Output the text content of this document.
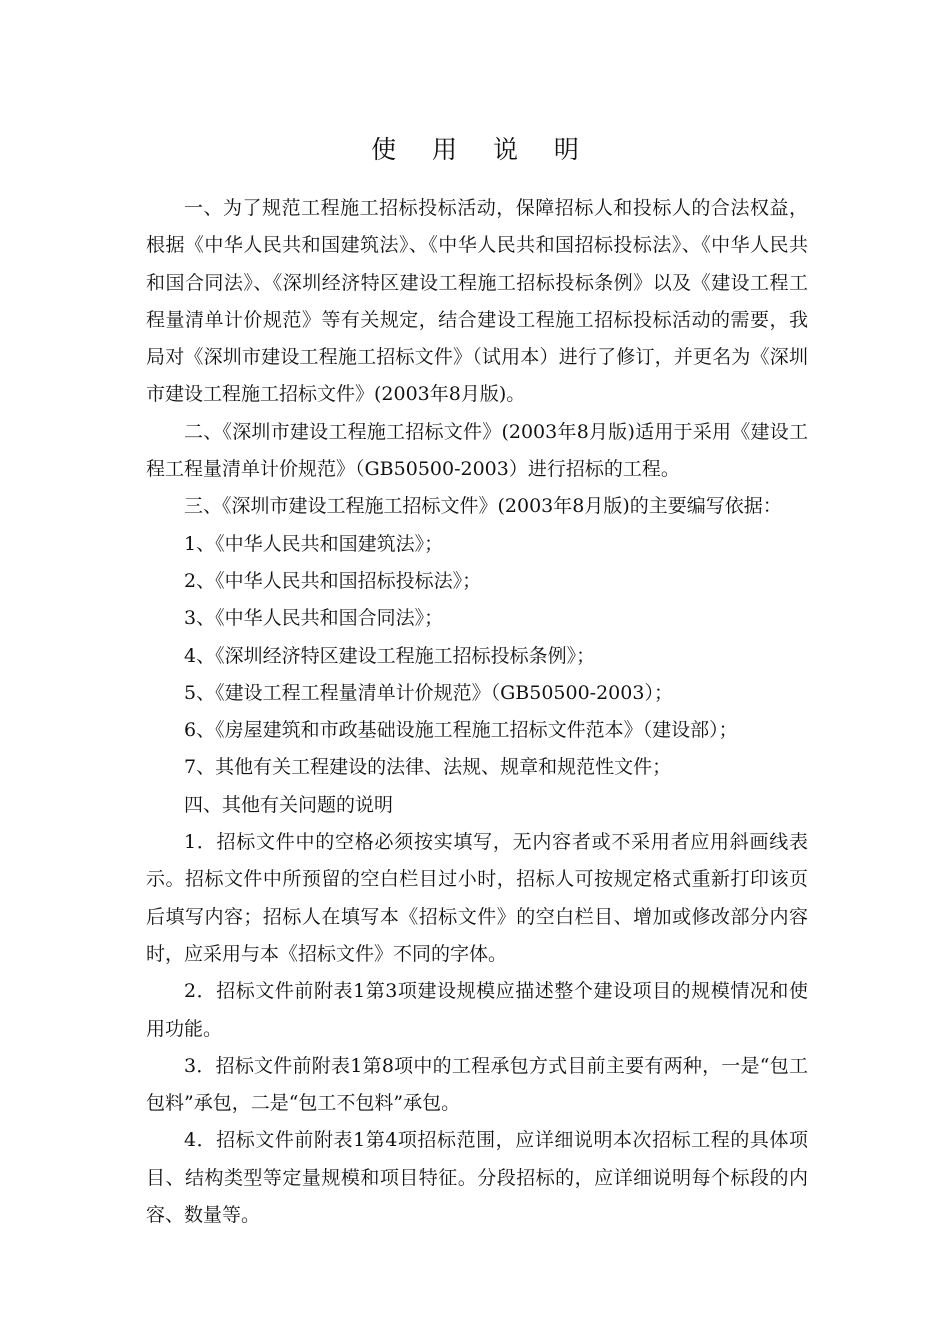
使 用 说 明

一、为了规范工程施工招标投标活动，保障招标人和投标人的合法权益，根据《中华人民共和国建筑法》、《中华人民共和国招标投标法》、《中华人民共和国合同法》、《深圳经济特区建设工程施工招标投标条例》以及《建设工程工程量清单计价规范》等有关规定，结合建设工程施工招标投标活动的需要，我局对《深圳市建设工程施工招标文件》（试用本）进行了修订，并更名为《深圳市建设工程施工招标文件》(2003年8月版)。

二、《深圳市建设工程施工招标文件》(2003年8月版)适用于采用《建设工程工程量清单计价规范》（GB50500-2003）进行招标的工程。

三、《深圳市建设工程施工招标文件》(2003年8月版)的主要编写依据：

1、《中华人民共和国建筑法》；

2、《中华人民共和国招标投标法》；

3、《中华人民共和国合同法》；

4、《深圳经济特区建设工程施工招标投标条例》；

5、《建设工程工程量清单计价规范》（GB50500-2003）；

6、《房屋建筑和市政基础设施工程施工招标文件范本》（建设部）；

7、其他有关工程建设的法律、法规、规章和规范性文件；

四、其他有关问题的说明

1．招标文件中的空格必须按实填写，无内容者或不采用者应用斜画线表示。招标文件中所预留的空白栏目过小时，招标人可按规定格式重新打印该页后填写内容；招标人在填写本《招标文件》的空白栏目、增加或修改部分内容时，应采用与本《招标文件》不同的字体。

2．招标文件前附表1第3项建设规模应描述整个建设项目的规模情况和使用功能。

3．招标文件前附表1第8项中的工程承包方式目前主要有两种，一是“包工包料”承包，二是“包工不包料”承包。

4．招标文件前附表1第4项招标范围，应详细说明本次招标工程的具体项目、结构类型等定量规模和项目特征。分段招标的，应详细说明每个标段的内容、数量等。
